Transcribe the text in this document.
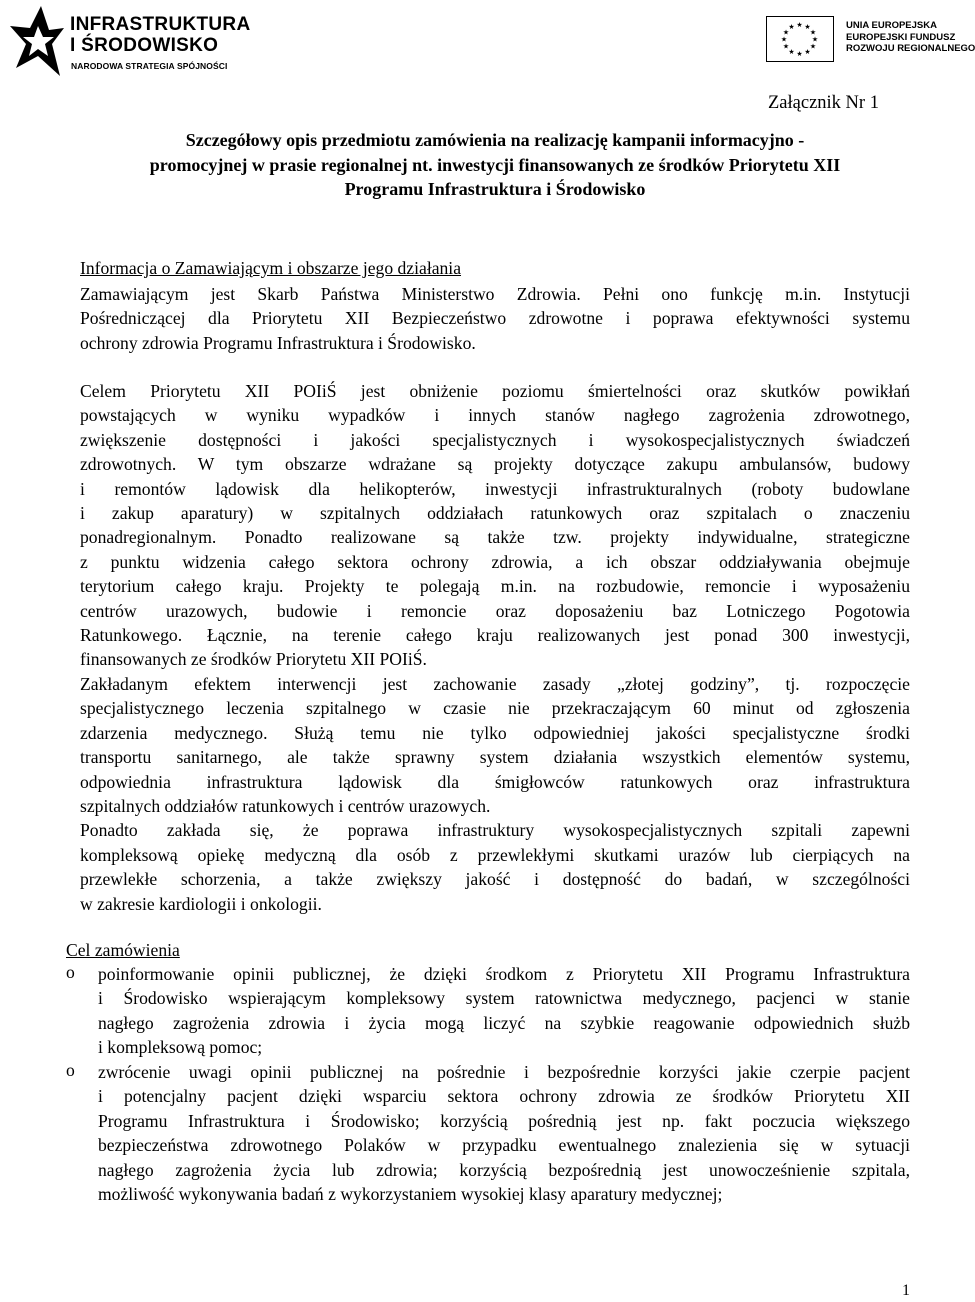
INFRASTRUKTURA
I ŚRODOWISKO
NARODOWA STRATEGIA SPÓJNOŚCI
★ ★
★
★
★
★
★
★
★
★
★
★	UNIA EUROPEJSKA
EUROPEJSKI FUNDUSZ
ROZWOJU REGIONALNEGO
Załącznik Nr 1
Szczegółowy opis przedmiotu zamówienia na realizację kampanii informacyjno -
promocyjnej w prasie regionalnej nt. inwestycji finansowanych ze środków Priorytetu XII
Programu Infrastruktura i Środowisko
Informacja o Zamawiającym i obszarze jego działania
Zamawiającym jest Skarb Państwa Ministerstwo Zdrowia. Pełni ono funkcję m.in. Instytucji
Pośredniczącej dla Priorytetu XII Bezpieczeństwo zdrowotne i poprawa efektywności systemu
ochrony zdrowia Programu Infrastruktura i Środowisko.
Celem Priorytetu XII POIiŚ jest obniżenie poziomu śmiertelności oraz skutków powikłań
powstających w wyniku wypadków i innych stanów nagłego zagrożenia zdrowotnego,
zwiększenie dostępności i jakości specjalistycznych i wysokospecjalistycznych świadczeń
zdrowotnych. W tym obszarze wdrażane są projekty dotyczące zakupu ambulansów, budowy
i remontów lądowisk dla helikopterów, inwestycji infrastrukturalnych (roboty budowlane
i zakup aparatury) w szpitalnych oddziałach ratunkowych oraz szpitalach o znaczeniu
ponadregionalnym. Ponadto realizowane są także tzw. projekty indywidualne, strategiczne
z punktu widzenia całego sektora ochrony zdrowia, a ich obszar oddziaływania obejmuje
terytorium całego kraju. Projekty te polegają m.in. na rozbudowie, remoncie i wyposażeniu
centrów urazowych, budowie i remoncie oraz doposażeniu baz Lotniczego Pogotowia
Ratunkowego. Łącznie, na terenie całego kraju realizowanych jest ponad 300 inwestycji,
finansowanych ze środków Priorytetu XII POIiŚ.
Zakładanym efektem interwencji jest zachowanie zasady „złotej godziny”, tj. rozpoczęcie
specjalistycznego leczenia szpitalnego w czasie nie przekraczającym 60 minut od zgłoszenia
zdarzenia medycznego. Służą temu nie tylko odpowiedniej jakości specjalistyczne środki
transportu sanitarnego, ale także sprawny system działania wszystkich elementów systemu,
odpowiednia infrastruktura lądowisk dla śmigłowców ratunkowych oraz infrastruktura
szpitalnych oddziałów ratunkowych i centrów urazowych.
Ponadto zakłada się, że poprawa infrastruktury wysokospecjalistycznych szpitali zapewni
kompleksową opiekę medyczną dla osób z przewlekłymi skutkami urazów lub cierpiących na
przewlekłe schorzenia, a także zwiększy jakość i dostępność do badań, w szczególności
w zakresie kardiologii i onkologii.
Cel zamówienia
o poinformowanie opinii publicznej, że dzięki środkom z Priorytetu XII Programu Infrastruktura
i Środowisko wspierającym kompleksowy system ratownictwa medycznego, pacjenci w stanie
nagłego zagrożenia zdrowia i życia mogą liczyć na szybkie reagowanie odpowiednich służb
i kompleksową pomoc;
o zwrócenie uwagi opinii publicznej na pośrednie i bezpośrednie korzyści jakie czerpie pacjent
i potencjalny pacjent dzięki wsparciu sektora ochrony zdrowia ze środków Priorytetu XII
Programu Infrastruktura i Środowisko; korzyścią pośrednią jest np. fakt poczucia większego
bezpieczeństwa zdrowotnego Polaków w przypadku ewentualnego znalezienia się w sytuacji
nagłego zagrożenia życia lub zdrowia; korzyścią bezpośrednią jest unowocześnienie szpitala,
możliwość wykonywania badań z wykorzystaniem wysokiej klasy aparatury medycznej;
1
